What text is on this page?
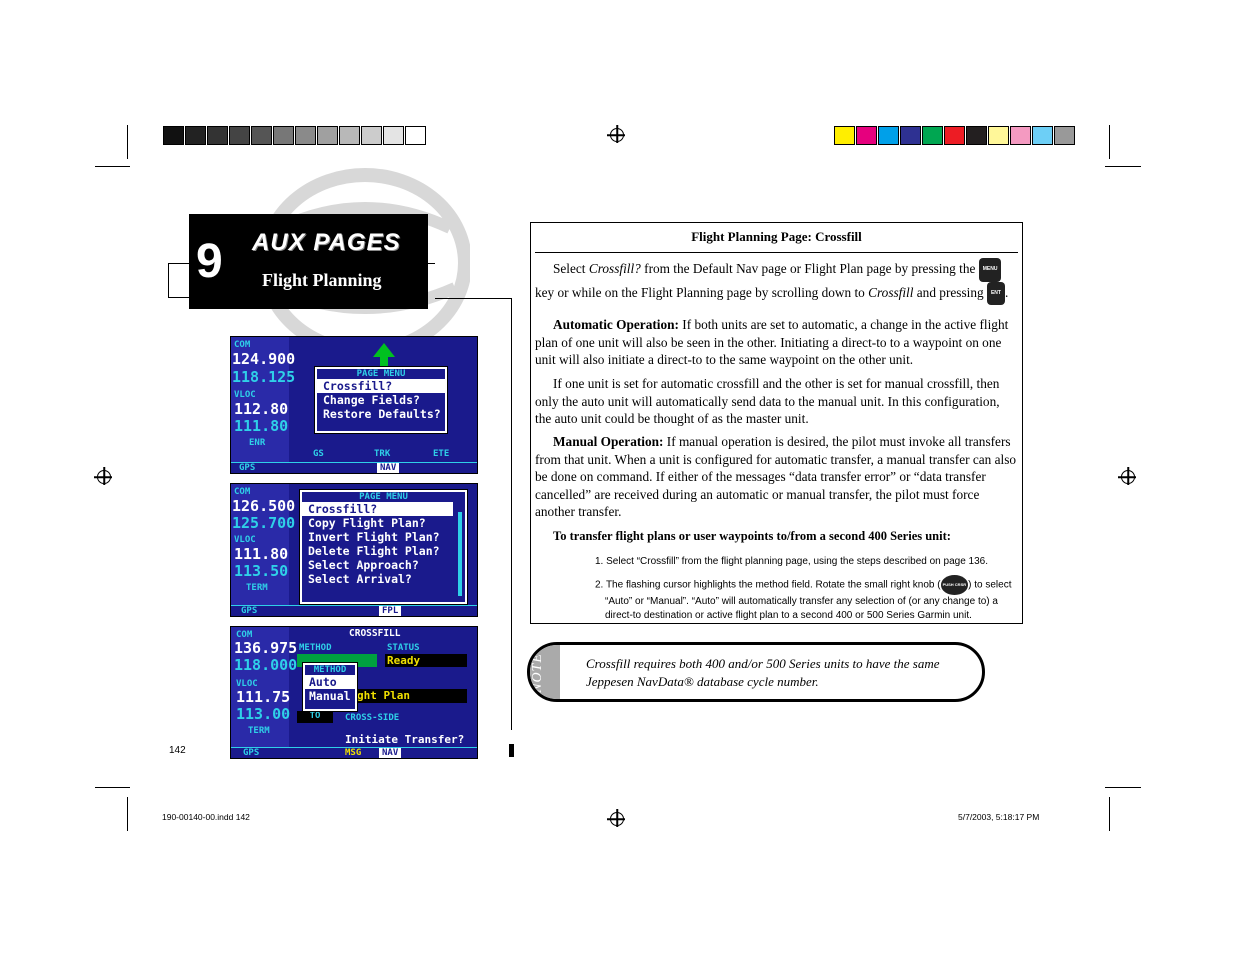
9 AUX PAGES
Flight Planning
COM
124.900
118.125
VLOC
112.80
111.80
ENR
GS	TRK	ETE
PAGE MENU
Crossfill?
Change Fields?
Restore Defaults?
GPS	NAV
COM
126.500
125.700
VLOC
111.80
113.50
TERM
PAGE MENU
Crossfill?
Copy Flight Plan?
Invert Flight Plan?
Delete Flight Plan?
Select Approach?
Select Arrival?
GPS	FPL
COM
136.975
118.000
VLOC
111.75
113.00
TERM
CROSSFILL
METHOD	STATUS
Ready
ght Plan
TO	CROSS-SIDE
Initiate Transfer?
METHOD
Auto
Manual
GPS	MSG	NAV
Flight Planning Page: Crossfill
Select Crossfill? from the Default Nav page or Flight Plan page by pressing the MENU key or while on the Flight Planning page by scrolling down to Crossfill and pressing ENT .
Automatic Operation: If both units are set to automatic, a change in the active flight plan of one unit will also be seen in the other. Initiating a direct-to to a waypoint on one unit will also initiate a direct-to to the same waypoint on the other unit.
If one unit is set for automatic crossfill and the other is set for manual crossfill, then only the auto unit will automatically send data to the manual unit. In this configuration, the auto unit could be thought of as the master unit.
Manual Operation: If manual operation is desired, the pilot must invoke all transfers from that unit. When a unit is configured for automatic transfer, a manual transfer can also be done on command. If either of the messages “data transfer error” or “data transfer cancelled” are received during an automatic or manual transfer, the pilot must force another transfer.
To transfer flight plans or user waypoints to/from a second 400 Series unit:
1. Select “Crossfill” from the flight planning page, using the steps described on page 136.
2. The flashing cursor highlights the method field. Rotate the small right knob ( PUSH CRSR ) to select “Auto” or “Manual”. “Auto” will automatically transfer any selection of (or any change to) a direct-to destination or active flight plan to a second 400 or 500 Series Garmin unit.
NOTE	Crossfill requires both 400 and/or 500 Series units to have the same Jeppesen NavData® database cycle number.
142
190-00140-00.indd 142	5/7/2003, 5:18:17 PM
